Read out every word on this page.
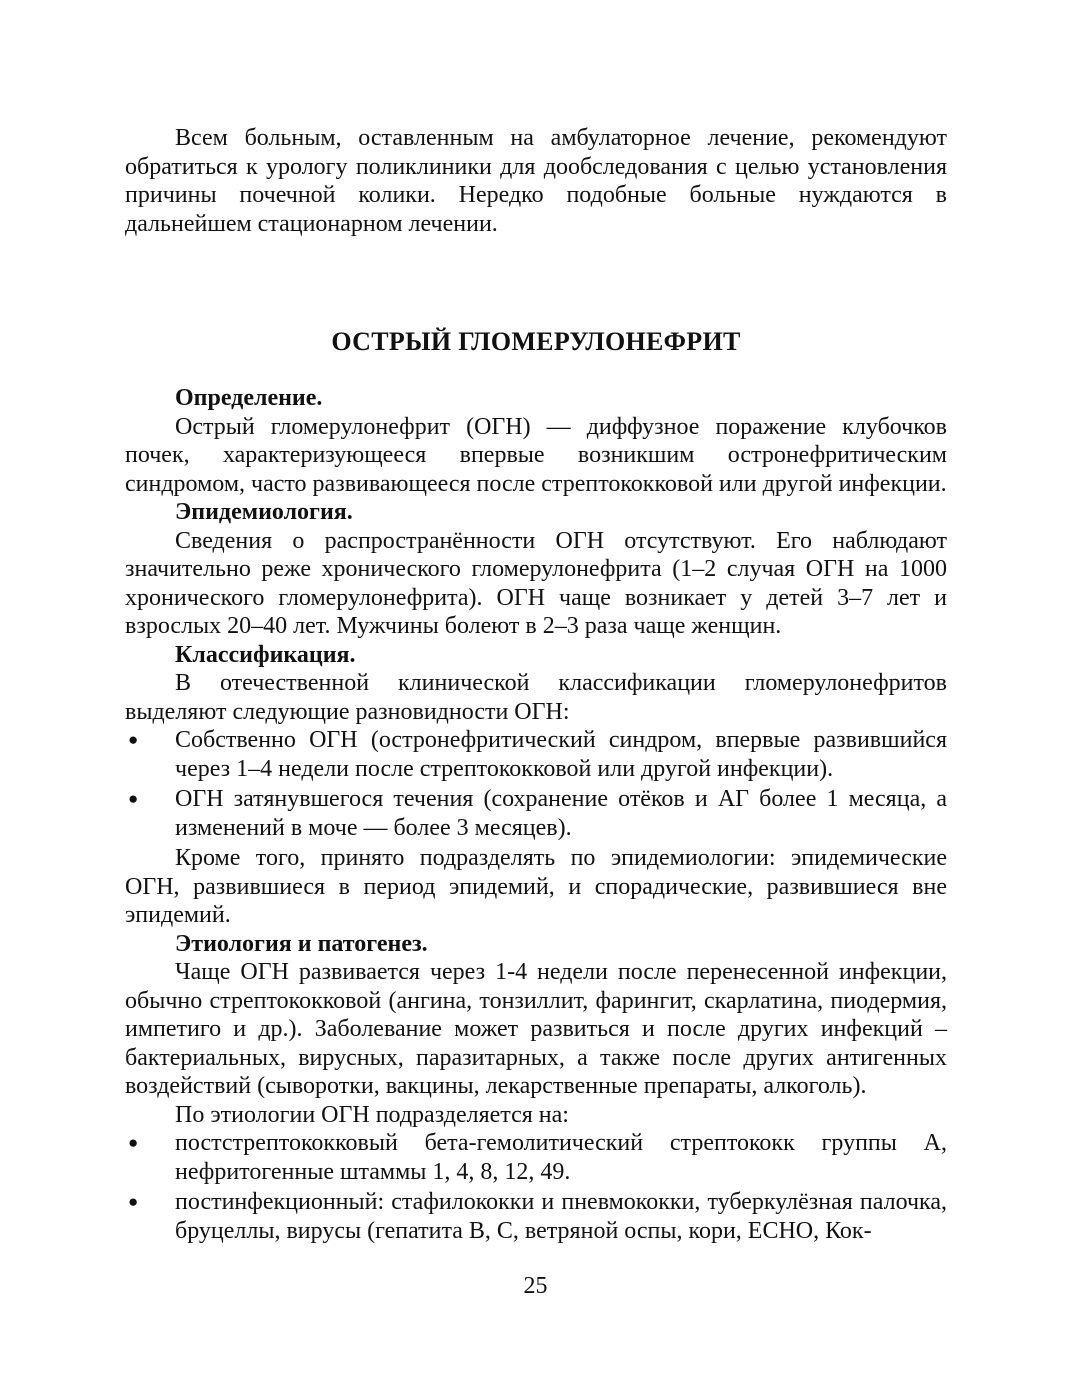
Всем больным, оставленным на амбулаторное лечение, рекомендуют обратиться к урологу поликлиники для дообследования с целью установления причины почечной колики. Нередко подобные больные нуждаются в дальнейшем стационарном лечении.

ОСТРЫЙ ГЛОМЕРУЛОНЕФРИТ

Определение.

Острый гломерулонефрит (ОГН) — диффузное поражение клубочков почек, характеризующееся впервые возникшим остронефритическим синдромом, часто развивающееся после стрептококковой или другой инфекции.

Эпидемиология.

Сведения о распространённости ОГН отсутствуют. Его наблюдают значительно реже хронического гломерулонефрита (1–2 случая ОГН на 1000 хронического гломерулонефрита). ОГН чаще возникает у детей 3–7 лет и взрослых 20–40 лет. Мужчины болеют в 2–3 раза чаще женщин.

Классификация.

В отечественной клинической классификации гломерулонефритов выделяют следующие разновидности ОГН:

● Собственно ОГН (остронефритический синдром, впервые развившийся через 1–4 недели после стрептококковой или другой инфекции).
● ОГН затянувшегося течения (сохранение отёков и АГ более 1 месяца, а изменений в моче — более 3 месяцев).

Кроме того, принято подразделять по эпидемиологии: эпидемические ОГН, развившиеся в период эпидемий, и спорадические, развившиеся вне эпидемий.

Этиология и патогенез.

Чаще ОГН развивается через 1-4 недели после перенесенной инфекции, обычно стрептококковой (ангина, тонзиллит, фарингит, скарлатина, пиодермия, импетиго и др.). Заболевание может развиться и после других инфекций – бактериальных, вирусных, паразитарных, а также после других антигенных воздействий (сыворотки, вакцины, лекарственные препараты, алкоголь).

По этиологии ОГН подразделяется на:

● постстрептококковый бета-гемолитический стрептококк группы А, нефритогенные штаммы 1, 4, 8, 12, 49.
● постинфекционный: стафилококки и пневмококки, туберкулёзная палочка, бруцеллы, вирусы (гепатита В, С, ветряной оспы, кори, ЕСНО, Кок-
25
